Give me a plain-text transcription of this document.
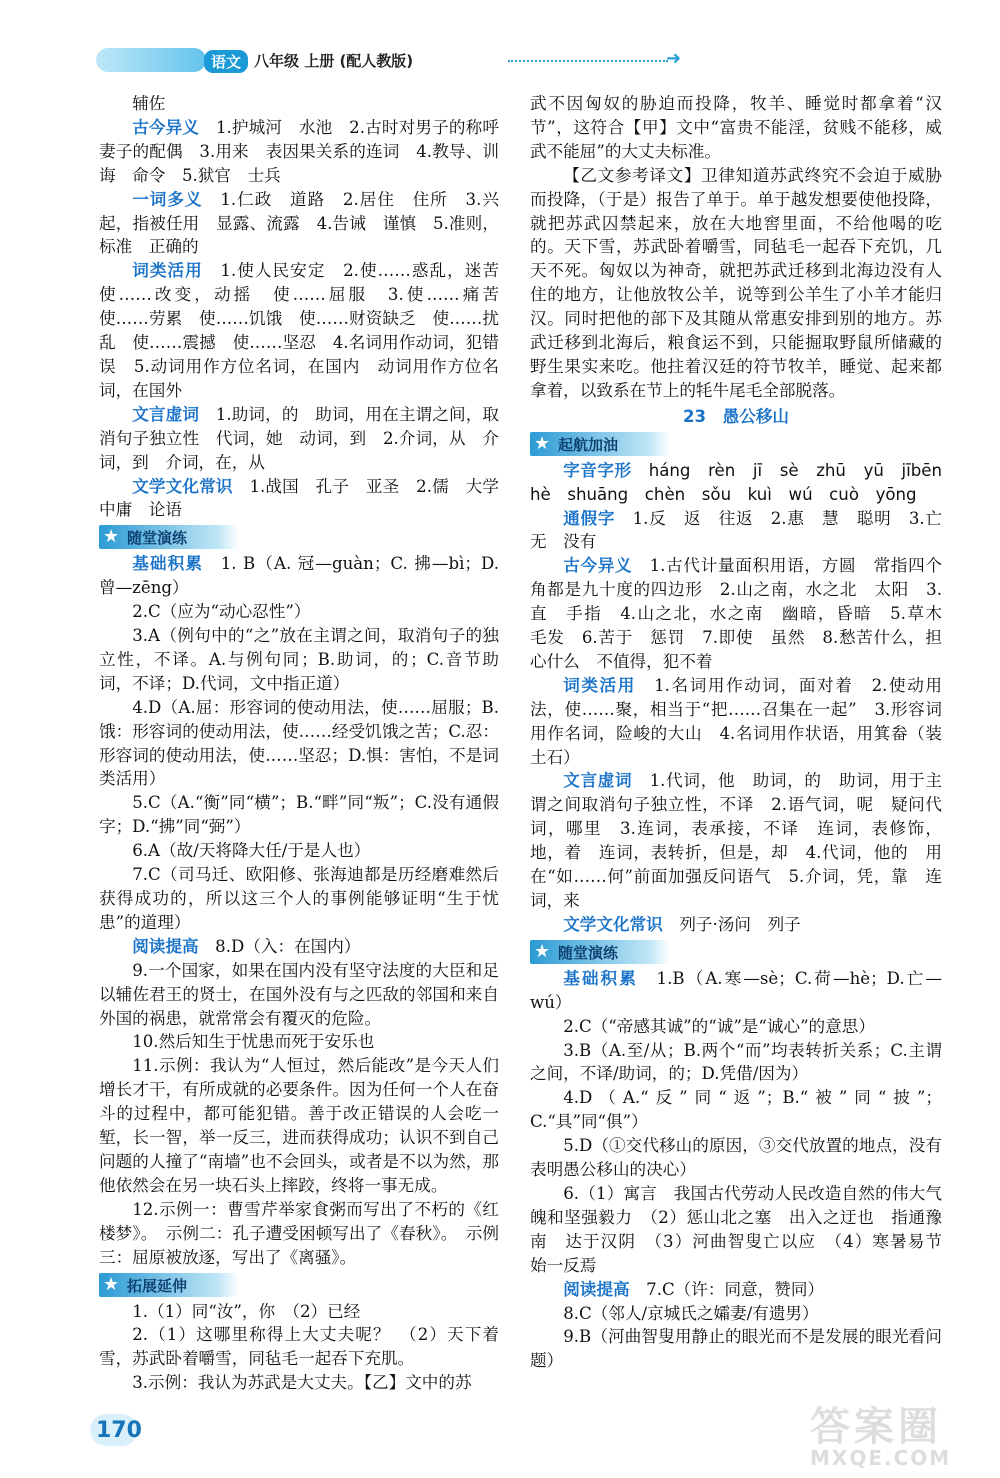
语文 八年级 上册 (配人教版)	➜

辅佐

古今异义　 1.护城河　水池　2.古时对男子的称呼　妻子的配偶　3.用来　表因果关系的连词　4.教导、训诲　命令　5.狱官　士兵

一词多义　 1.仁政　道路　2.居住　住所　3.兴起，指被任用　显露、流露　4.告诫　谨慎　5.准则，标准　正确的

词类活用　 1.使人民安定　2.使……惑乱，迷苦　使……改变，动摇　使……屈服　3.使……痛苦　使……劳累　使……饥饿　使……财资缺乏　使……扰乱　使……震撼　使……坚忍　4.名词用作动词，犯错误　5.动词用作方位名词，在国内　动词用作方位名词，在国外

文言虚词　 1.助词，的　助词，用在主谓之间，取消句子独立性　代词，她　动词，到　2.介词，从　介词，到　介词，在，从

文学文化常识　 1.战国　孔子　亚圣　2.儒　大学　中庸　论语

★ 随堂演练

基础积累　 1. B（A. 冠—guàn；C. 拂—bì；D.曾—zēng）

2.C（应为“动心忍性”）

3.A（例句中的“之”放在主谓之间，取消句子的独立性，不译。A.与例句同；B.助词，的；C.音节助词，不译；D.代词，文中指正道）

4.D（A.屈：形容词的使动用法，使……屈服；B.饿：形容词的使动用法，使……经受饥饿之苦；C.忍：形容词的使动用法，使……坚忍；D.惧：害怕，不是词类活用）

5.C（A.“衡”同“横”；B.“畔”同“叛”；C.没有通假字；D.“拂”同“弼”）

6.A（故/天将降大任/于是人也）

7.C（司马迁、欧阳修、张海迪都是历经磨难然后获得成功的，所以这三个人的事例能够证明“生于忧患”的道理）

阅读提高　 8.D（入：在国内）

9.一个国家，如果在国内没有坚守法度的大臣和足以辅佐君王的贤士，在国外没有与之匹敌的邻国和来自外国的祸患，就常常会有覆灭的危险。

10.然后知生于忧患而死于安乐也

11.示例：我认为“人恒过，然后能改”是今天人们增长才干，有所成就的必要条件。因为任何一个人在奋斗的过程中，都可能犯错。善于改正错误的人会吃一堑，长一智，举一反三，进而获得成功；认识不到自己问题的人撞了“南墙”也不会回头，或者是不以为然，那他依然会在另一块石头上摔跤，终将一事无成。

12.示例一：曹雪芹举家食粥而写出了不朽的《红楼梦》。　示例二：孔子遭受困顿写出了《春秋》。　示例三：屈原被放逐，写出了《离骚》。

★ 拓展延伸

1.（1）同“汝”，你　（2）已经

2.（1）这哪里称得上大丈夫呢？　（2）天下着雪，苏武卧着嚼雪，同毡毛一起吞下充肌。

3.示例：我认为苏武是大丈夫。【乙】文中的苏

武不因匈奴的胁迫而投降，牧羊、睡觉时都拿着“汉节”，这符合【甲】文中“富贵不能淫，贫贱不能移，威武不能屈”的大丈夫标准。

【乙文参考译文】卫律知道苏武终究不会迫于威胁而投降，（于是）报告了单于。单于越发想要使他投降，就把苏武囚禁起来，放在大地窖里面，不给他喝的吃的。天下雪，苏武卧着嚼雪，同毡毛一起吞下充饥，几天不死。匈奴以为神奇，就把苏武迁移到北海边没有人住的地方，让他放牧公羊，说等到公羊生了小羊才能归汉。同时把他的部下及其随从常惠安排到别的地方。苏武迁移到北海后，粮食运不到，只能掘取野鼠所储藏的野生果实来吃。他拄着汉廷的符节牧羊，睡觉、起来都拿着，以致系在节上的牦牛尾毛全部脱落。

23　愚公移山
★ 起航加油

字音字形　 háng　rèn　jī　sè　zhū　yū　jībēn　hè　shuāng　chèn　sǒu　kuì　wú　cuò　yōng

通假字　 1.反　返　往返　2.惠　慧　聪明　3.亡　无　没有

古今异义　 1.古代计量面积用语，方圆　常指四个角都是九十度的四边形　2.山之南，水之北　太阳　3.直　手指　4.山之北，水之南　幽暗，昏暗　5.草木　毛发　6.苦于　惩罚　7.即使　虽然　8.愁苦什么，担心什么　不值得，犯不着

词类活用　 1.名词用作动词，面对着　2.使动用法，使……聚，相当于“把……召集在一起”　3.形容词用作名词，险峻的大山　4.名词用作状语，用箕畚（装土石）

文言虚词　 1.代词，他　助词，的　助词，用于主谓之间取消句子独立性，不译　2.语气词，呢　疑问代词，哪里　3.连词，表承接，不译　连词，表修饰，地，着　连词，表转折，但是，却　4.代词，他的　用在“如……何”前面加强反问语气　5.介词，凭，靠　连词，来

文学文化常识　 列子·汤问　列子

★ 随堂演练

基础积累　 1.B（A.寒—sè；C.荷—hè；D.亡—wú）

2.C（“帝感其诚”的“诚”是“诚心”的意思）

3.B（A.至/从；B.两个“而”均表转折关系；C.主谓之间，不译/助词，的；D.凭借/因为）

4.D（A.“反”同“返”；B.“被”同“披”；C.“具”同“俱”）

5.D（①交代移山的原因，③交代放置的地点，没有表明愚公移山的决心）

6.（1）寓言　我国古代劳动人民改造自然的伟大气魄和坚强毅力　（2）惩山北之塞　出入之迂也　指通豫南　达于汉阴　（3）河曲智叟亡以应　（4）寒暑易节　始一反焉

阅读提高　 7.C（许：同意，赞同）

8.C（邻人/京城氏之孀妻/有遗男）

9.B（河曲智叟用静止的眼光而不是发展的眼光看问题）

170	答案圈
MXQE.COM
